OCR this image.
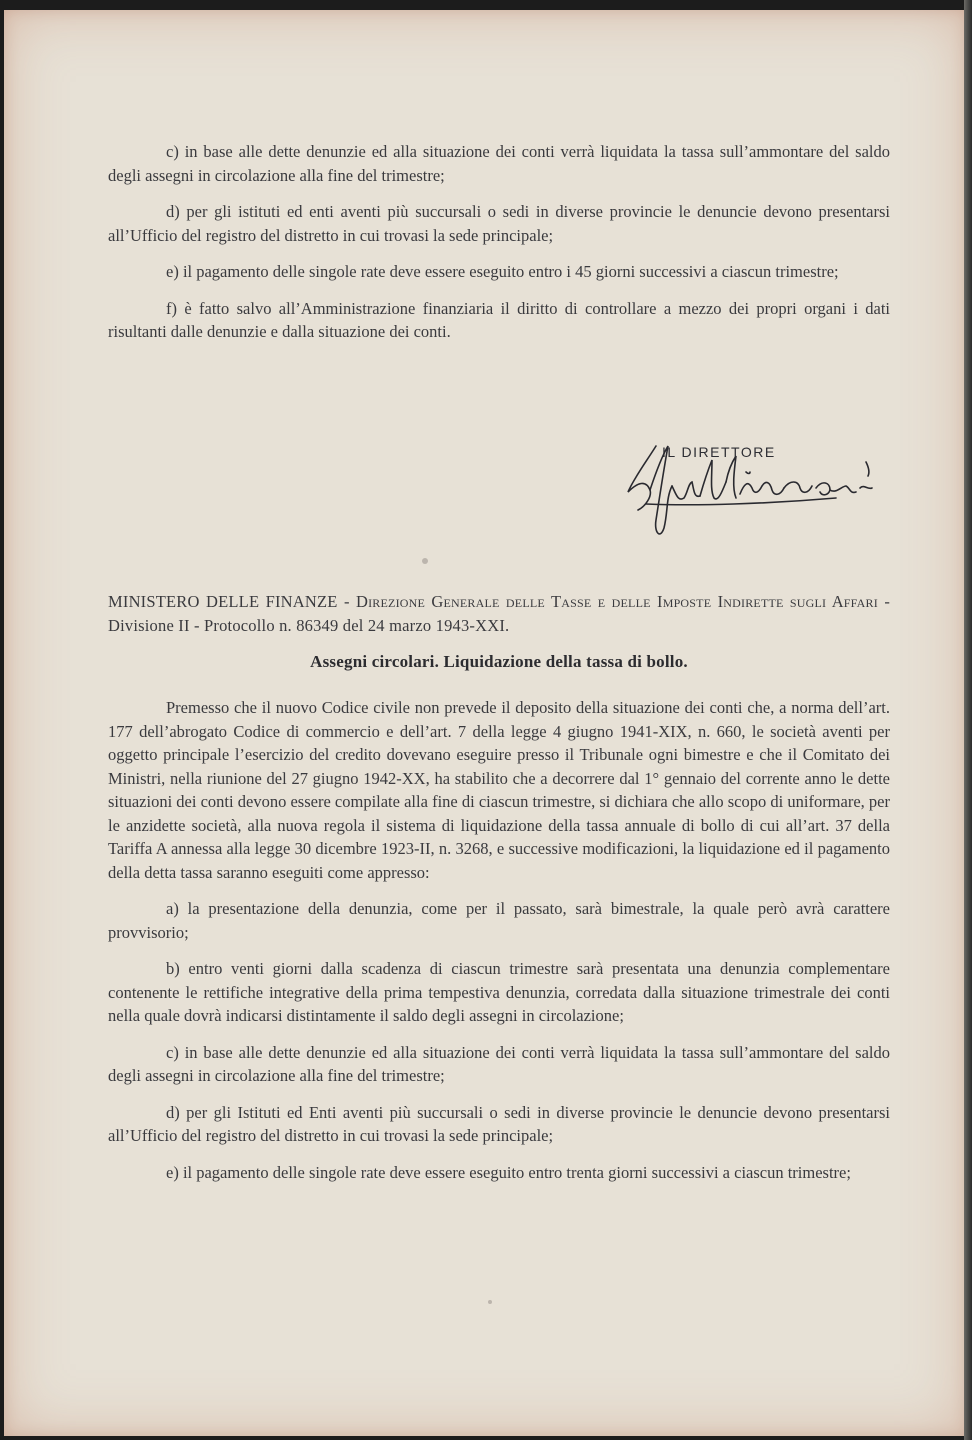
c) in base alle dette denunzie ed alla situazione dei conti verrà liquidata la tassa sull’ammontare del saldo degli assegni in circolazione alla fine del trimestre;

d) per gli istituti ed enti aventi più succursali o sedi in diverse provincie le denuncie devono presentarsi all’Ufficio del registro del distretto in cui trovasi la sede principale;

e) il pagamento delle singole rate deve essere eseguito entro i 45 giorni successivi a ciascun trimestre;

f) è fatto salvo all’Amministrazione finanziaria il diritto di controllare a mezzo dei propri organi i dati risultanti dalle denunzie e dalla situazione dei conti.

IL DIRETTORE
MINISTERO DELLE FINANZE - Direzione Generale delle Tasse e delle Imposte Indirette sugli Affari - Divisione II - Protocollo n. 86349 del 24 marzo 1943-XXI.
Assegni circolari. Liquidazione della tassa di bollo.

Premesso che il nuovo Codice civile non prevede il deposito della situazione dei conti che, a norma dell’art. 177 dell’abrogato Codice di commercio e dell’art. 7 della legge 4 giugno 1941-XIX, n. 660, le società aventi per oggetto principale l’esercizio del credito dovevano eseguire presso il Tribunale ogni bimestre e che il Comitato dei Ministri, nella riunione del 27 giugno 1942-XX, ha stabilito che a decorrere dal 1° gennaio del corrente anno le dette situazioni dei conti devono essere compilate alla fine di ciascun trimestre, si dichiara che allo scopo di uniformare, per le anzidette società, alla nuova regola il sistema di liquidazione della tassa annuale di bollo di cui all’art. 37 della Tariffa A annessa alla legge 30 dicembre 1923-II, n. 3268, e successive modificazioni, la liquidazione ed il pagamento della detta tassa saranno eseguiti come appresso:

a) la presentazione della denunzia, come per il passato, sarà bimestrale, la quale però avrà carattere provvisorio;

b) entro venti giorni dalla scadenza di ciascun trimestre sarà presentata una denunzia complementare contenente le rettifiche integrative della prima tempestiva denunzia, corredata dalla situazione trimestrale dei conti nella quale dovrà indicarsi distintamente il saldo degli assegni in circolazione;

c) in base alle dette denunzie ed alla situazione dei conti verrà liquidata la tassa sull’ammontare del saldo degli assegni in circolazione alla fine del trimestre;

d) per gli Istituti ed Enti aventi più succursali o sedi in diverse provincie le denuncie devono presentarsi all’Ufficio del registro del distretto in cui trovasi la sede principale;

e) il pagamento delle singole rate deve essere eseguito entro trenta giorni successivi a ciascun trimestre;
